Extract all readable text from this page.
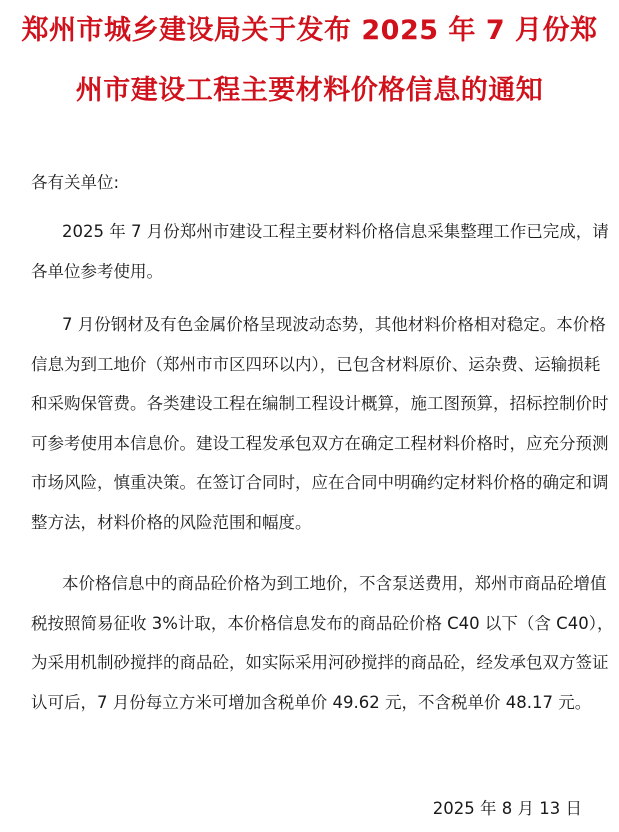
郑州市城乡建设局关于发布 2025 年 7 月份郑
州市建设工程主要材料价格信息的通知
各有关单位:
2025 年 7 月份郑州市建设工程主要材料价格信息采集整理工作已完成，请
各单位参考使用。
7 月份钢材及有色金属价格呈现波动态势，其他材料价格相对稳定。本价格
信息为到工地价（郑州市市区四环以内），已包含材料原价、运杂费、运输损耗
和采购保管费。各类建设工程在编制工程设计概算，施工图预算，招标控制价时
可参考使用本信息价。建设工程发承包双方在确定工程材料价格时，应充分预测
市场风险，慎重决策。在签订合同时，应在合同中明确约定材料价格的确定和调
整方法，材料价格的风险范围和幅度。
本价格信息中的商品砼价格为到工地价，不含泵送费用，郑州市商品砼增值
税按照简易征收 3%计取，本价格信息发布的商品砼价格 C40 以下（含 C40），
为采用机制砂搅拌的商品砼，如实际采用河砂搅拌的商品砼，经发承包双方签证
认可后，7 月份每立方米可增加含税单价 49.62 元，不含税单价 48.17 元。
2025 年 8 月 13 日
